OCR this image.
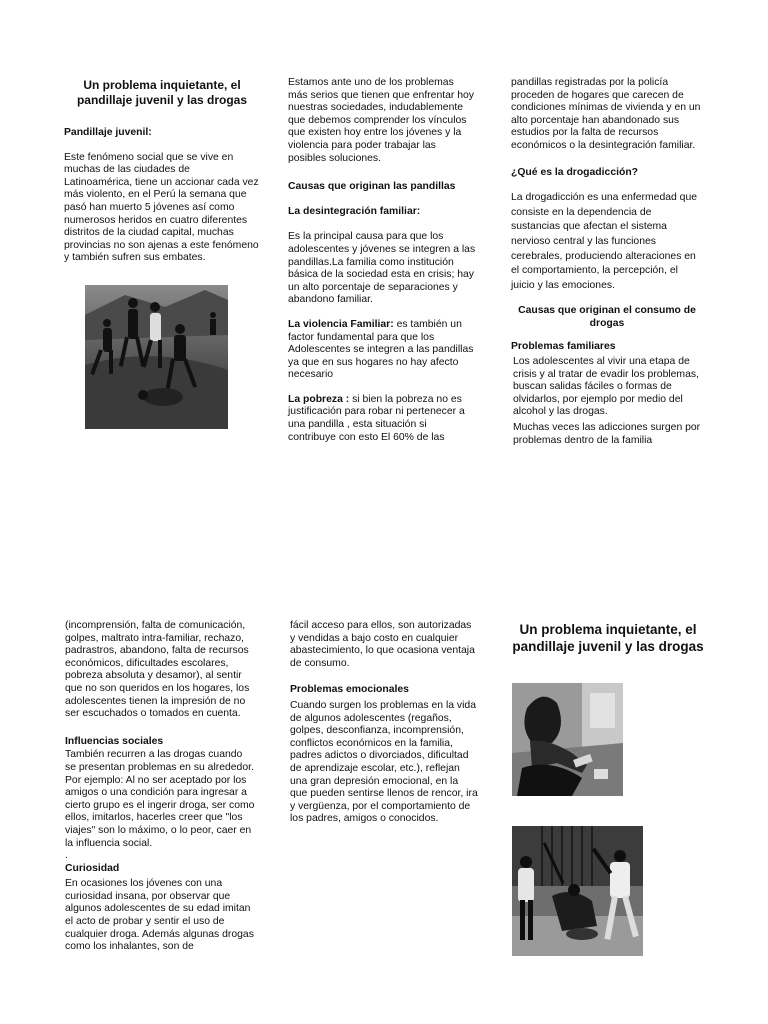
Un problema inquietante, el pandillaje juvenil y las drogas

Pandillaje juvenil:

Este fenómeno social que se vive en muchas de las ciudades de Latinoamérica, tiene un accionar cada vez más violento, en el Perú la semana que pasó han muerto 5 jóvenes así como numerosos heridos en cuatro diferentes distritos de la ciudad capital, muchas provincias no son ajenas a este fenómeno y también sufren sus embates.

Estamos ante uno de los problemas más serios que tienen que enfrentar hoy nuestras sociedades, indudablemente que debemos comprender los vínculos que existen hoy entre los jóvenes y la violencia para poder trabajar las posibles soluciones.

Causas que originan las pandillas

La desintegración familiar:

Es la principal causa para que los adolescentes y jóvenes se integren a las pandillas.La familia como institución básica de la sociedad esta en crisis; hay un alto porcentaje de separaciones y abandono familiar.

La violencia Familiar: es también un factor fundamental para que los Adolescentes se integren a las pandillas ya que en sus hogares no hay afecto necesario

La pobreza : si bien la pobreza no es justificación para robar ni pertenecer a una pandilla , esta situación si contribuye con esto El 60% de las

pandillas registradas por la policía proceden de hogares que carecen de condiciones mínimas de vivienda y en un alto porcentaje han abandonado sus estudios por la falta de recursos económicos o la desintegración familiar.

¿Qué es la drogadicción?

La drogadicción es una enfermedad que consiste en la dependencia de sustancias que afectan el sistema nervioso central y las funciones cerebrales, produciendo alteraciones en el comportamiento, la percepción, el juicio y las emociones.

Causas que originan el consumo de drogas

Problemas familiares

Los adolescentes al vivir una etapa de crisis y al tratar de evadir los problemas, buscan salidas fáciles o formas de olvidarlos, por ejemplo por medio del alcohol y las drogas.

Muchas veces las adicciones surgen por problemas dentro de la familia

(incomprensión, falta de comunicación, golpes, maltrato intra-familiar, rechazo, padrastros, abandono, falta de recursos económicos, dificultades escolares, pobreza absoluta y desamor), al sentir que no son queridos en los hogares, los adolescentes tienen la impresión de no ser escuchados o tomados en cuenta.

Influencias sociales

También recurren a las drogas cuando se presentan problemas en su alrededor. Por ejemplo: Al no ser aceptado por los amigos o una condición para ingresar a cierto grupo es el ingerir droga, ser como ellos, imitarlos, hacerles creer que "los viajes" son lo máximo, o lo peor, caer en la influencia social.

.

Curiosidad

En ocasiones los jóvenes con una curiosidad insana, por observar que algunos adolescentes de su edad imitan el acto de probar y sentir el uso de cualquier droga. Además algunas drogas como los inhalantes, son de

fácil acceso para ellos, son autorizadas y vendidas a bajo costo en cualquier abastecimiento, lo que ocasiona ventaja de consumo.

Problemas emocionales

Cuando surgen los problemas en la vida de algunos adolescentes (regaños, golpes, desconfianza, incomprensión, conflictos económicos en la familia, padres adictos o divorciados, dificultad de aprendizaje escolar, etc.), reflejan una gran depresión emocional, en la que pueden sentirse llenos de rencor, ira y vergüenza, por el comportamiento de los padres, amigos o conocidos.

Un problema inquietante, el pandillaje juvenil y las drogas
